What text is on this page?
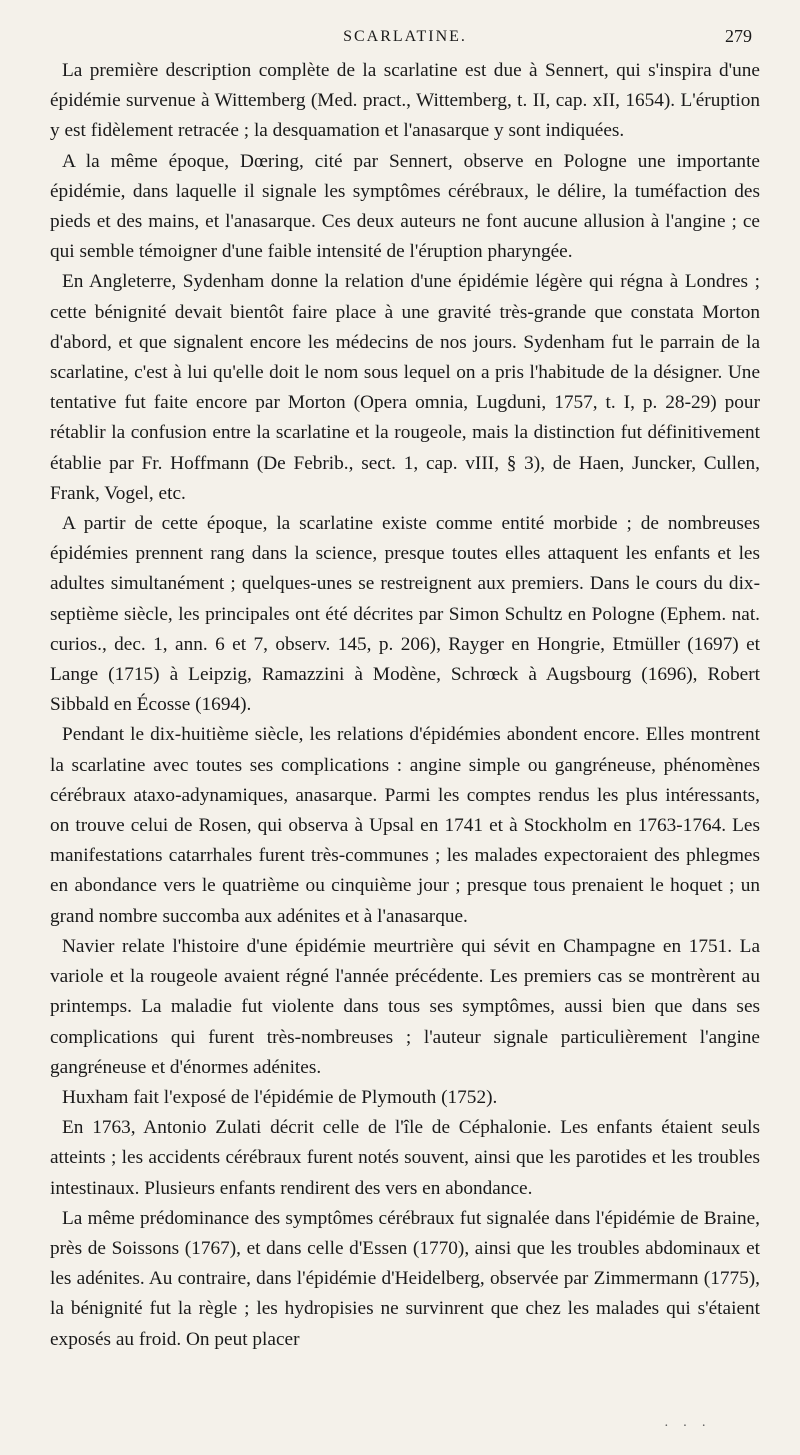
SCARLATINE.	279

La première description complète de la scarlatine est due à Sennert, qui s'inspira d'une épidémie survenue à Wittemberg (Med. pract., Wittemberg, t. II, cap. xII, 1654). L'éruption y est fidèlement retracée ; la desquamation et l'anasarque y sont indiquées.

A la même époque, Dœring, cité par Sennert, observe en Pologne une importante épidémie, dans laquelle il signale les symptômes cérébraux, le délire, la tuméfaction des pieds et des mains, et l'anasarque. Ces deux auteurs ne font aucune allusion à l'angine ; ce qui semble témoigner d'une faible intensité de l'éruption pharyngée.

En Angleterre, Sydenham donne la relation d'une épidémie légère qui régna à Londres ; cette bénignité devait bientôt faire place à une gravité très-grande que constata Morton d'abord, et que signalent encore les médecins de nos jours. Sydenham fut le parrain de la scarlatine, c'est à lui qu'elle doit le nom sous lequel on a pris l'habitude de la désigner. Une tentative fut faite encore par Morton (Opera omnia, Lugduni, 1757, t. I, p. 28-29) pour rétablir la confusion entre la scarlatine et la rougeole, mais la distinction fut définitivement établie par Fr. Hoffmann (De Febrib., sect. 1, cap. vIII, § 3), de Haen, Juncker, Cullen, Frank, Vogel, etc.

A partir de cette époque, la scarlatine existe comme entité morbide ; de nombreuses épidémies prennent rang dans la science, presque toutes elles attaquent les enfants et les adultes simultanément ; quelques-unes se restreignent aux premiers. Dans le cours du dix-septième siècle, les principales ont été décrites par Simon Schultz en Pologne (Ephem. nat. curios., dec. 1, ann. 6 et 7, observ. 145, p. 206), Rayger en Hongrie, Etmüller (1697) et Lange (1715) à Leipzig, Ramazzini à Modène, Schrœck à Augsbourg (1696), Robert Sibbald en Écosse (1694).

Pendant le dix-huitième siècle, les relations d'épidémies abondent encore. Elles montrent la scarlatine avec toutes ses complications : angine simple ou gangréneuse, phénomènes cérébraux ataxo-adynamiques, anasarque. Parmi les comptes rendus les plus intéressants, on trouve celui de Rosen, qui observa à Upsal en 1741 et à Stockholm en 1763-1764. Les manifestations catarrhales furent très-communes ; les malades expectoraient des phlegmes en abondance vers le quatrième ou cinquième jour ; presque tous prenaient le hoquet ; un grand nombre succomba aux adénites et à l'anasarque.

Navier relate l'histoire d'une épidémie meurtrière qui sévit en Champagne en 1751. La variole et la rougeole avaient régné l'année précédente. Les premiers cas se montrèrent au printemps. La maladie fut violente dans tous ses symptômes, aussi bien que dans ses complications qui furent très-nombreuses ; l'auteur signale particulièrement l'angine gangréneuse et d'énormes adénites.

Huxham fait l'exposé de l'épidémie de Plymouth (1752).

En 1763, Antonio Zulati décrit celle de l'île de Céphalonie. Les enfants étaient seuls atteints ; les accidents cérébraux furent notés souvent, ainsi que les parotides et les troubles intestinaux. Plusieurs enfants rendirent des vers en abondance.

La même prédominance des symptômes cérébraux fut signalée dans l'épidémie de Braine, près de Soissons (1767), et dans celle d'Essen (1770), ainsi que les troubles abdominaux et les adénites. Au contraire, dans l'épidémie d'Heidelberg, observée par Zimmermann (1775), la bénignité fut la règle ; les hydropisies ne survinrent que chez les malades qui s'étaient exposés au froid. On peut placer

···
